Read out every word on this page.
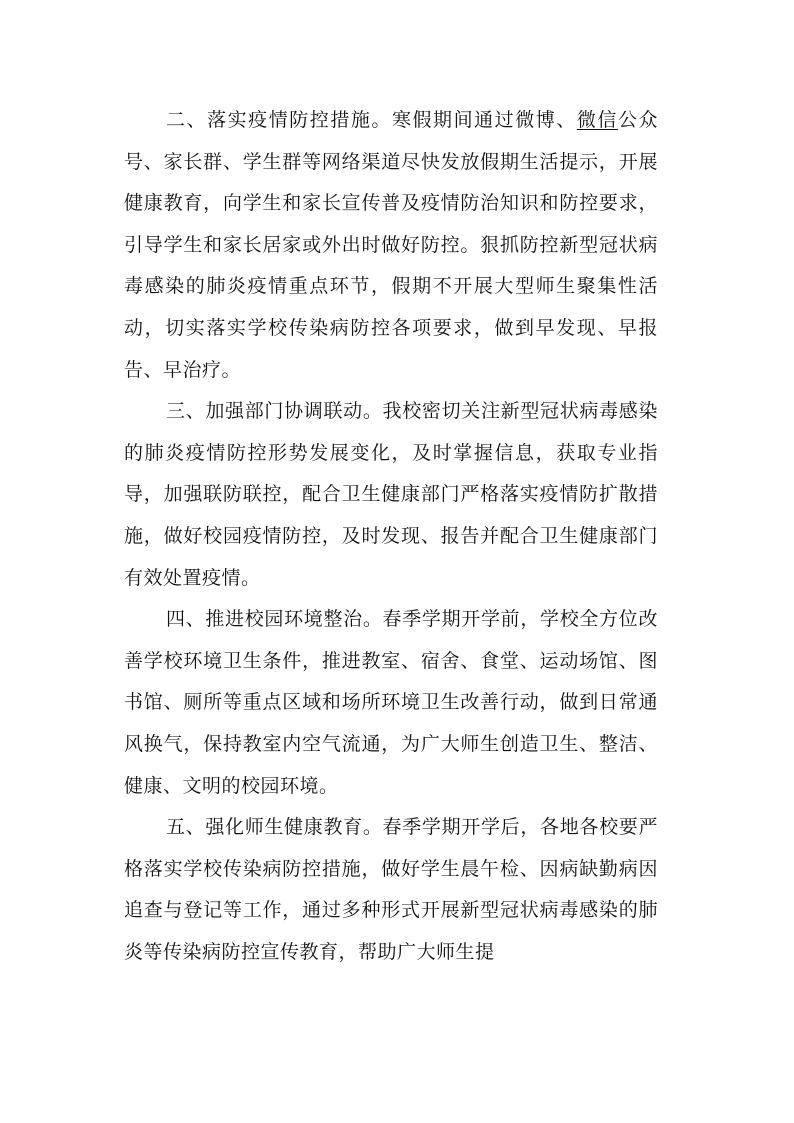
二、落实疫情防控措施。寒假期间通过微博、微信公众号、家长群、学生群等网络渠道尽快发放假期生活提示，开展健康教育，向学生和家长宣传普及疫情防治知识和防控要求，引导学生和家长居家或外出时做好防控。狠抓防控新型冠状病毒感染的肺炎疫情重点环节，假期不开展大型师生聚集性活动，切实落实学校传染病防控各项要求，做到早发现、早报告、早治疗。

三、加强部门协调联动。我校密切关注新型冠状病毒感染的肺炎疫情防控形势发展变化，及时掌握信息，获取专业指导，加强联防联控，配合卫生健康部门严格落实疫情防扩散措施，做好校园疫情防控，及时发现、报告并配合卫生健康部门有效处置疫情。

四、推进校园环境整治。春季学期开学前，学校全方位改善学校环境卫生条件，推进教室、宿舍、食堂、运动场馆、图书馆、厕所等重点区域和场所环境卫生改善行动，做到日常通风换气，保持教室内空气流通，为广大师生创造卫生、整洁、健康、文明的校园环境。

五、强化师生健康教育。春季学期开学后，各地各校要严格落实学校传染病防控措施，做好学生晨午检、因病缺勤病因追查与登记等工作，通过多种形式开展新型冠状病毒感染的肺炎等传染病防控宣传教育，帮助广大师生提
